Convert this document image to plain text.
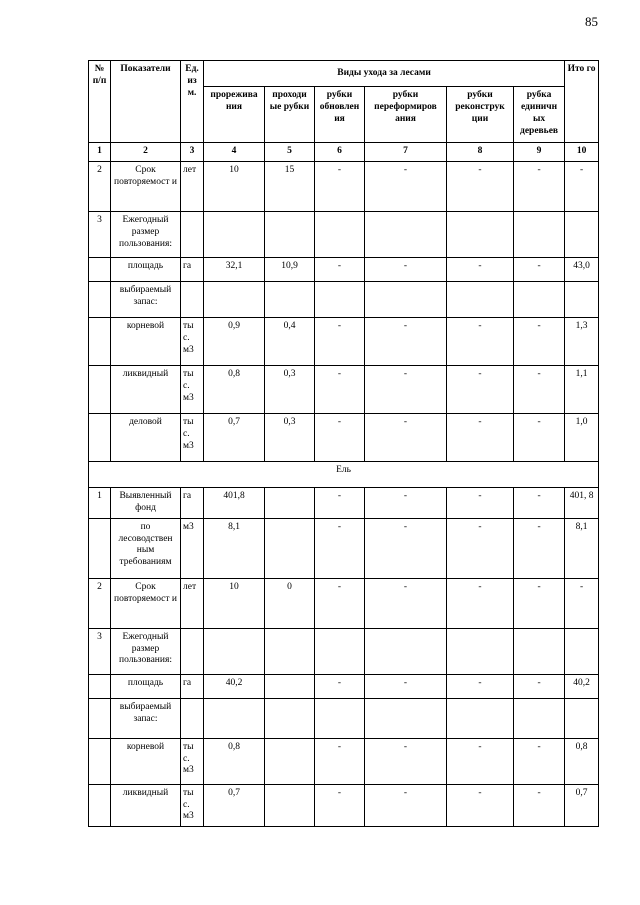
85
№ п/п	Показатели	Ед. из м.	Виды ухода за лесами						Ито го
			прорежива ния	проходи ые рубки	рубки обновлен ия	рубки переформиров ания	рубки реконструк ции	рубка единичн ых деревьев	
1	2	3	4	5	6	7	8	9	10
2	Срок повторяемост и	лет	10	15	-	-	-	-	-
3	Ежегодный размер пользования:								
	площадь	га	32,1	10,9	-	-	-	-	43,0
	выбираемый запас:								
	корневой	ты с. м3	0,9	0,4	-	-	-	-	1,3
	ликвидный	ты с. м3	0,8	0,3	-	-	-	-	1,1
	деловой	ты с. м3	0,7	0,3	-	-	-	-	1,0
Ель									
1	Выявленный фонд	га	401,8		-	-	-	-	401, 8
	по лесоводствен ным требованиям	м3	8,1		-	-	-	-	8,1
2	Срок повторяемост и	лет	10	0	-	-	-	-	-
3	Ежегодный размер пользования:								
	площадь	га	40,2		-	-	-	-	40,2
	выбираемый запас:								
	корневой	ты с. м3	0,8		-	-	-	-	0,8
	ликвидный	ты с. м3	0,7		-	-	-	-	0,7
